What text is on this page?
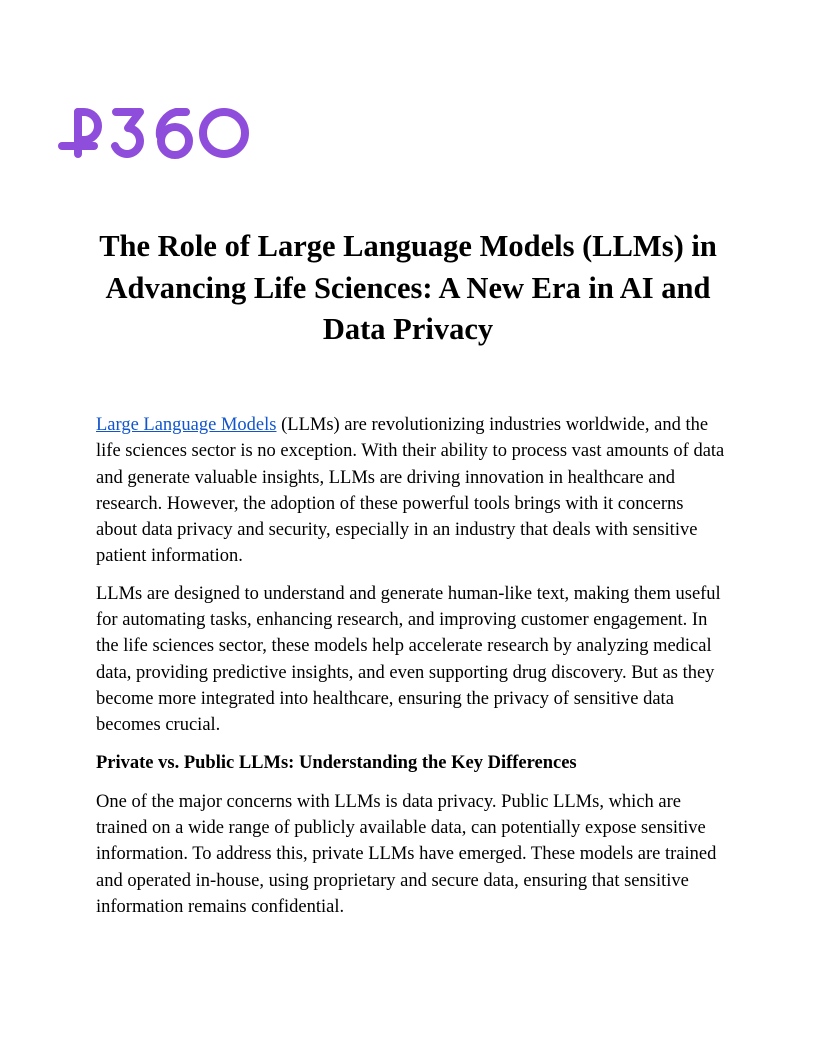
The Role of Large Language Models (LLMs) in Advancing Life Sciences: A New Era in AI and Data Privacy

Large Language Models (LLMs) are revolutionizing industries worldwide, and the life sciences sector is no exception. With their ability to process vast amounts of data and generate valuable insights, LLMs are driving innovation in healthcare and research. However, the adoption of these powerful tools brings with it concerns about data privacy and security, especially in an industry that deals with sensitive patient information.

LLMs are designed to understand and generate human-like text, making them useful for automating tasks, enhancing research, and improving customer engagement. In the life sciences sector, these models help accelerate research by analyzing medical data, providing predictive insights, and even supporting drug discovery. But as they become more integrated into healthcare, ensuring the privacy of sensitive data becomes crucial.

Private vs. Public LLMs: Understanding the Key Differences

One of the major concerns with LLMs is data privacy. Public LLMs, which are trained on a wide range of publicly available data, can potentially expose sensitive information. To address this, private LLMs have emerged. These models are trained and operated in-house, using proprietary and secure data, ensuring that sensitive information remains confidential.
